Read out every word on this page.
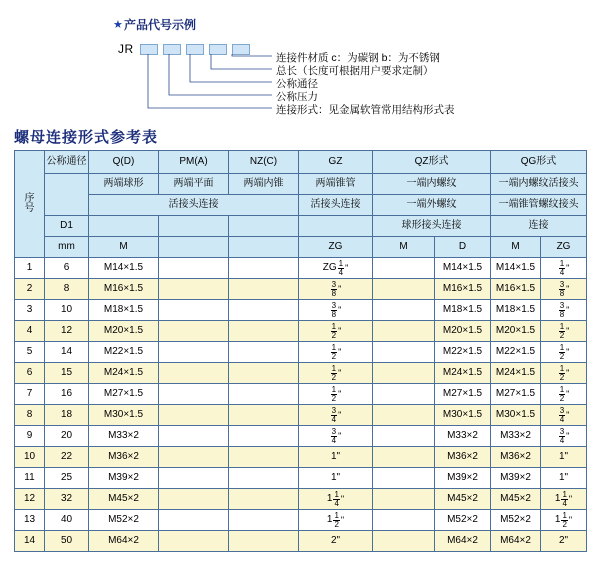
★ 产品代号示例
JR
连接件材质 c：为碳钢 b：为不锈钢
总长（长度可根据用户要求定制）
公称通径
公称压力
连接形式：见金属软管常用结构形式表
螺母连接形式参考表
序
号	公称通径	Q(D)	PM(A)	NZ(C)	GZ	QZ形式		QG形式	
		两端球形	两端平面	两端内锥	两端锥管	一端内螺纹		一端内螺纹活接头	
		活接头连接			活接头连接	一端外螺纹		一端锥管螺纹接头	
	D1					球形接头连接		连接	
	mm	M			ZG	M	D	M	ZG
1	6	M14×1.5			ZG $\frac{1}{4}$ "		M14×1.5	M14×1.5	$\frac{1}{4}$ "
2	8	M16×1.5			$\frac{3}{8}$ "		M16×1.5	M16×1.5	$\frac{3}{8}$ "
3	10	M18×1.5			$\frac{3}{8}$ "		M18×1.5	M18×1.5	$\frac{3}{8}$ "
4	12	M20×1.5			$\frac{1}{2}$ "		M20×1.5	M20×1.5	$\frac{1}{2}$ "
5	14	M22×1.5			$\frac{1}{2}$ "		M22×1.5	M22×1.5	$\frac{1}{2}$ "
6	15	M24×1.5			$\frac{1}{2}$ "		M24×1.5	M24×1.5	$\frac{1}{2}$ "
7	16	M27×1.5			$\frac{1}{2}$ "		M27×1.5	M27×1.5	$\frac{1}{2}$ "
8	18	M30×1.5			$\frac{3}{4}$ "		M30×1.5	M30×1.5	$\frac{3}{4}$ "
9	20	M33×2			$\frac{3}{4}$ "		M33×2	M33×2	$\frac{3}{4}$ "
10	22	M36×2			1"		M36×2	M36×2	1"
11	25	M39×2			1"		M39×2	M39×2	1"
12	32	M45×2			$1 \frac{1}{4}$ "		M45×2	M45×2	$1 \frac{1}{4}$ "
13	40	M52×2			$1 \frac{1}{2}$ "		M52×2	M52×2	$1 \frac{1}{2}$ "
14	50	M64×2			2"		M64×2	M64×2	2"
